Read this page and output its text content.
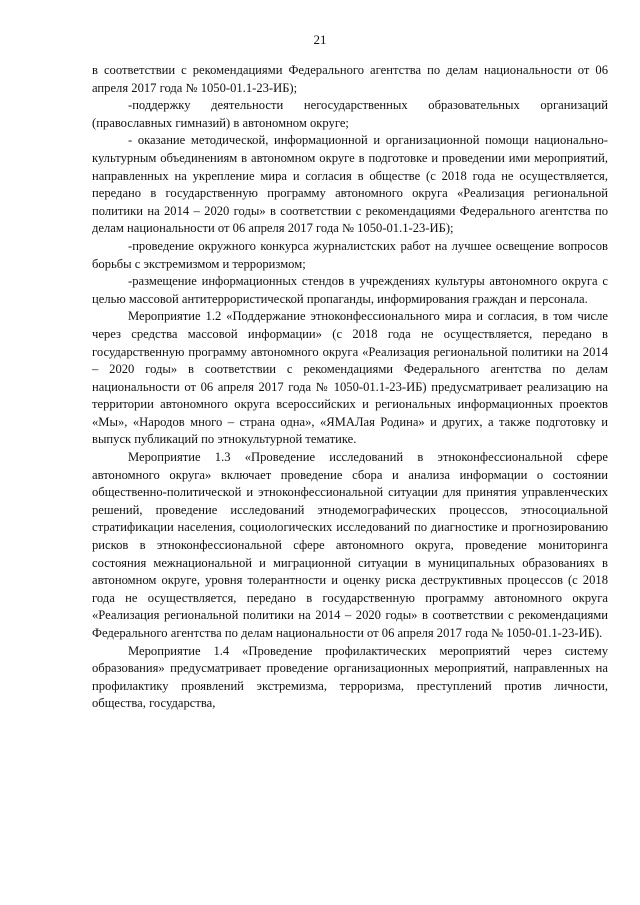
21

в соответствии с рекомендациями Федерального агентства по делам национальности от 06 апреля 2017 года № 1050-01.1-23-ИБ);

-поддержку деятельности негосударственных образовательных организаций (православных гимназий) в автономном округе;

- оказание методической, информационной и организационной помощи национально-культурным объединениям в автономном округе в подготовке и проведении ими мероприятий, направленных на укрепление мира и согласия в обществе (с 2018 года не осуществляется, передано в государственную программу автономного округа «Реализация региональной политики на 2014 – 2020 годы» в соответствии с рекомендациями Федерального агентства по делам национальности от 06 апреля 2017 года № 1050-01.1-23-ИБ);

-проведение окружного конкурса журналистских работ на лучшее освещение вопросов борьбы с экстремизмом и терроризмом;

-размещение информационных стендов в учреждениях культуры автономного округа с целью массовой антитеррористической пропаганды, информирования граждан и персонала.

Мероприятие 1.2 «Поддержание этноконфессионального мира и согласия, в том числе через средства массовой информации» (с 2018 года не осуществляется, передано в государственную программу автономного округа «Реализация региональной политики на 2014 – 2020 годы» в соответствии с рекомендациями Федерального агентства по делам национальности от 06 апреля 2017 года № 1050-01.1-23-ИБ) предусматривает реализацию на территории автономного округа всероссийских и региональных информационных проектов «Мы», «Народов много – страна одна», «ЯМАЛая Родина» и других, а также подготовку и выпуск публикаций по этнокультурной тематике.

Мероприятие 1.3 «Проведение исследований в этноконфессиональной сфере автономного округа» включает проведение сбора и анализа информации о состоянии общественно-политической и этноконфессиональной ситуации для принятия управленческих решений, проведение исследований этнодемографических процессов, этносоциальной стратификации населения, социологических исследований по диагностике и прогнозированию рисков в этноконфессиональной сфере автономного округа, проведение мониторинга состояния межнациональной и миграционной ситуации в муниципальных образованиях в автономном округе, уровня толерантности и оценку риска деструктивных процессов (с 2018 года не осуществляется, передано в государственную программу автономного округа «Реализация региональной политики на 2014 – 2020 годы» в соответствии с рекомендациями Федерального агентства по делам национальности от 06 апреля 2017 года № 1050-01.1-23-ИБ).

Мероприятие 1.4 «Проведение профилактических мероприятий через систему образования» предусматривает проведение организационных мероприятий, направленных на профилактику проявлений экстремизма, терроризма, преступлений против личности, общества, государства,
